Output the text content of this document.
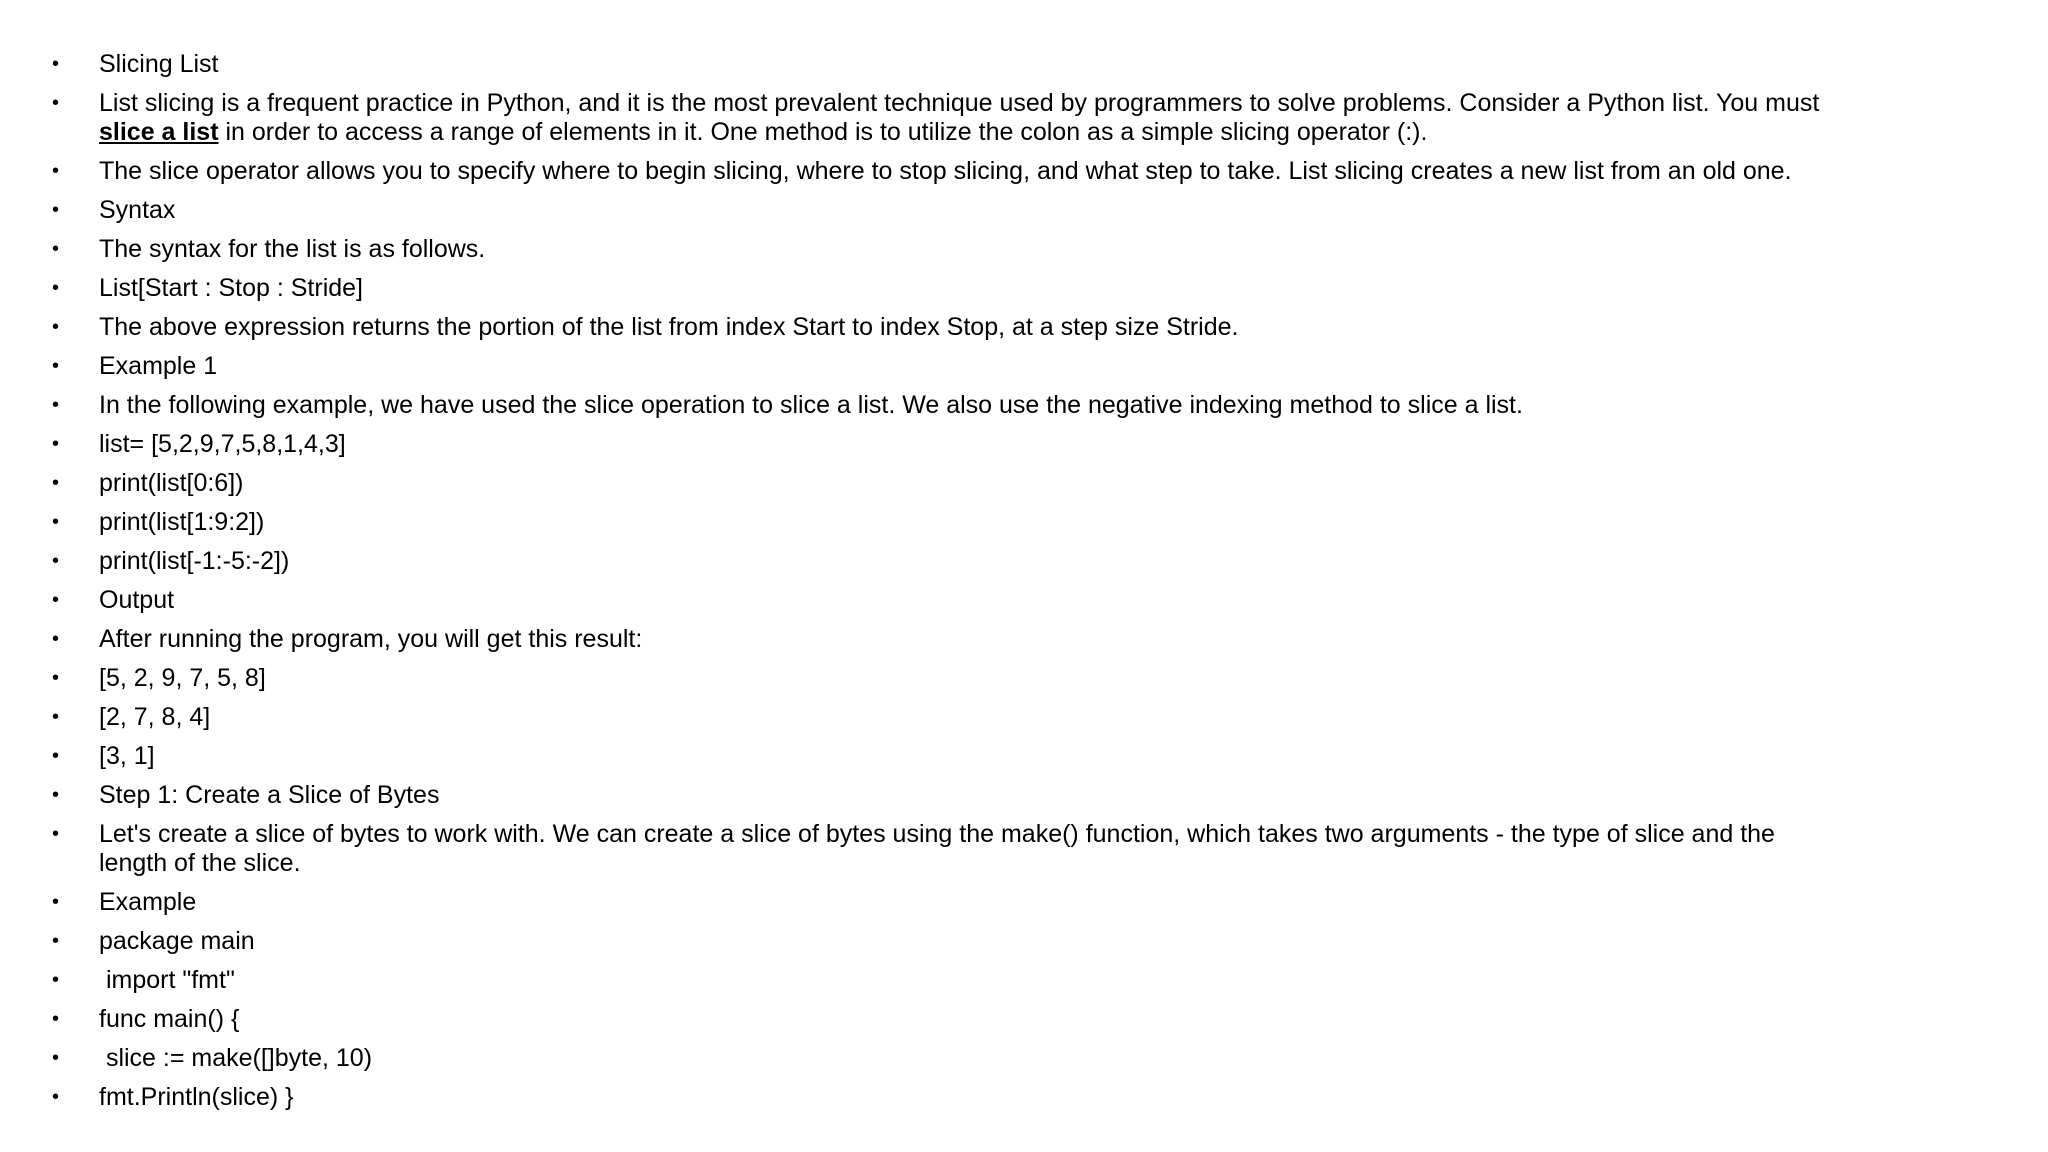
•	Slicing List
•	List slicing is a frequent practice in Python, and it is the most prevalent technique used by programmers to solve problems. Consider a Python list. You must slice a list in order to access a range of elements in it. One method is to utilize the colon as a simple slicing operator (:).
•	The slice operator allows you to specify where to begin slicing, where to stop slicing, and what step to take. List slicing creates a new list from an old one.
•	Syntax
•	The syntax for the list is as follows.
•	List[Start : Stop : Stride]
•	The above expression returns the portion of the list from index Start to index Stop, at a step size Stride.
•	Example 1
•	In the following example, we have used the slice operation to slice a list. We also use the negative indexing method to slice a list.
•	list= [5,2,9,7,5,8,1,4,3]
•	print(list[0:6])
•	print(list[1:9:2])
•	print(list[-1:-5:-2])
•	Output
•	After running the program, you will get this result:
•	[5, 2, 9, 7, 5, 8]
•	[2, 7, 8, 4]
•	[3, 1]
•	Step 1: Create a Slice of Bytes
•	Let's create a slice of bytes to work with. We can create a slice of bytes using the make() function, which takes two arguments - the type of slice and the length of the slice.
•	Example
•	package main
•	import "fmt"
•	func main() {
•	slice := make([]byte, 10)
•	fmt.Println(slice) }
